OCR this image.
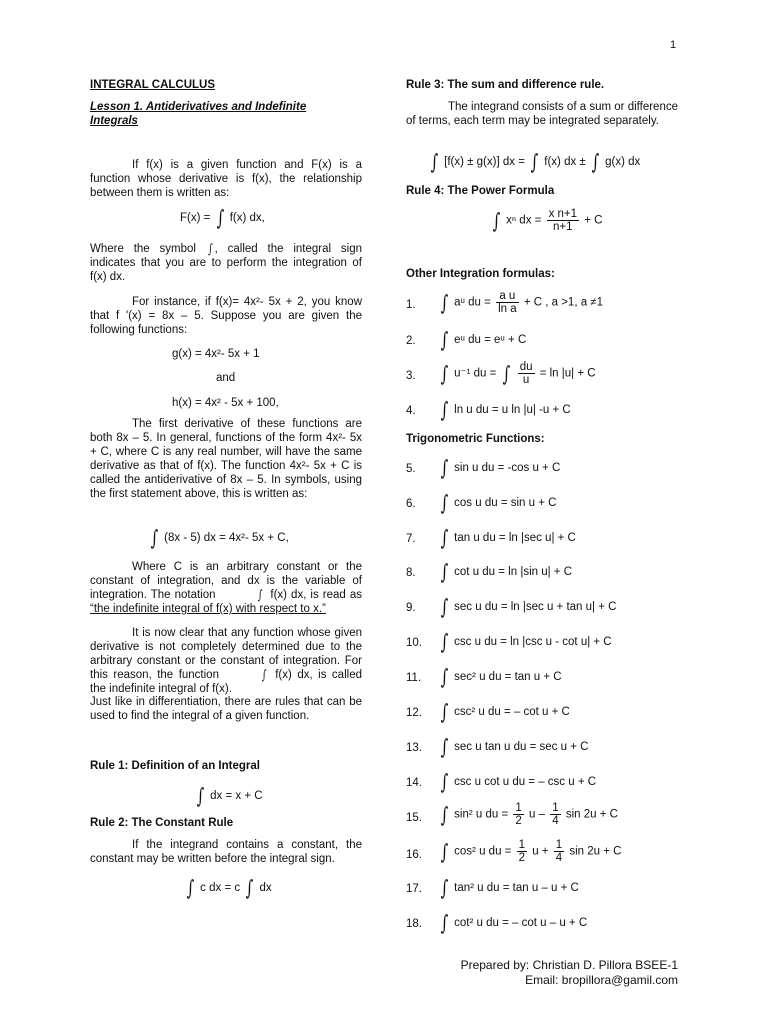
1
INTEGRAL CALCULUS
Lesson 1. Antiderivatives and Indefinite Integrals
If f(x) is a given function and F(x) is a function whose derivative is f(x), the relationship between them is written as:
F(x) = ∫ f(x) dx,
Where the symbol ∫ , called the integral sign indicates that you are to perform the integration of f(x) dx.
For instance, if f(x)= 4x²- 5x + 2, you know that f '(x) = 8x – 5. Suppose you are given the following functions:
g(x) = 4x²- 5x + 1
and
h(x) = 4x² - 5x + 100,
The first derivative of these functions are both 8x – 5. In general, functions of the form 4x²- 5x + C, where C is any real number, will have the same derivative as that of f(x). The function 4x²- 5x + C is called the antiderivative of 8x – 5. In symbols, using the first statement above, this is written as:
∫ (8x - 5) dx = 4x²- 5x + C,
Where C is an arbitrary constant or the constant of integration, and dx is the variable of integration. The notation	∫ f(x) dx, is read as “the indefinite integral of f(x) with respect to x.”
It is now clear that any function whose given derivative is not completely determined due to the arbitrary constant or the constant of integration. For this reason, the function	∫ f(x) dx, is called the indefinite integral of f(x).
Just like in differentiation, there are rules that can be used to find the integral of a given function.
Rule 1: Definition of an Integral
∫ dx = x + C
Rule 2: The Constant Rule
If the integrand contains a constant, the constant may be written before the integral sign.
∫ c dx = c ∫ dx
Rule 3: The sum and difference rule.
The integrand consists of a sum or difference of terms, each term may be integrated separately.
∫ [f(x) ± g(x)] dx = ∫ f(x) dx ± ∫ g(x) dx
Rule 4: The Power Formula
∫ xⁿ dx = $\frac{\text{x n+1}}{n+1} + C$
Other Integration formulas:
1. ∫ aᵘ du = $\frac{\text{a u}}{\text{ln a}} + C$ , a >1, a ≠1
2. ∫ eᵘ du = eᵘ + C
3. ∫ u⁻¹ du = ∫ $\frac{du}{u} = \ln |u| + C$
4. ∫ ln u du = u ln |u| -u + C
Trigonometric Functions:
5. ∫ sin u du = -cos u + C
6. ∫ cos u du = sin u + C
7. ∫ tan u du = ln |sec u| + C
8. ∫ cot u du = ln |sin u| + C
9. ∫ sec u du = ln |sec u + tan u| + C
10. ∫ csc u du = ln |csc u - cot u| + C
11. ∫ sec² u du = tan u + C
12. ∫ csc² u du = – cot u + C
13. ∫ sec u tan u du = sec u + C
14. ∫ csc u cot u du = – csc u + C
15. ∫ sin² u du = $\frac{1}{2}$ u – $\frac{1}{4}$ sin 2u + C
16. ∫ cos² u du = $\frac{1}{2}$ $u + \frac{1}{4}$ sin 2u + C
17. ∫ tan² u du = tan u – u + C
18. ∫ cot² u du = – cot u – u + C
Prepared by: Christian D. Pillora BSEE-1
Email: bropillora@gamil.com
